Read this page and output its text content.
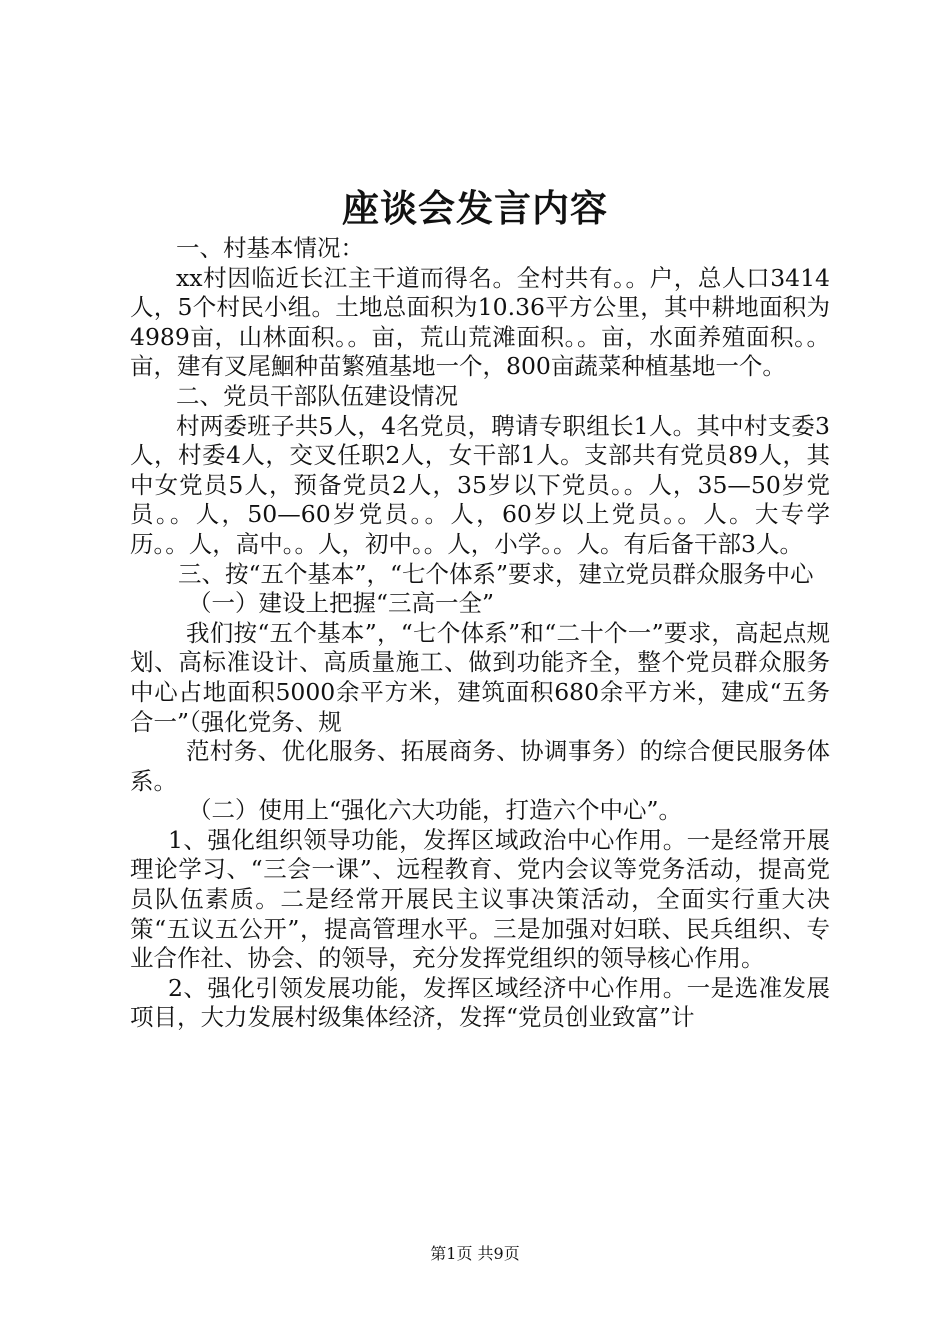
座谈会发言内容

一、村基本情况：

xx村因临近长江主干道而得名。全村共有。。户，总人口3414人，5个村民小组。土地总面积为10.36平方公里，其中耕地面积为4989亩，山林面积。。亩，荒山荒滩面积。。亩，水面养殖面积。。亩，建有叉尾鮰种苗繁殖基地一个，800亩蔬菜种植基地一个。

二、党员干部队伍建设情况

村两委班子共5人，4名党员，聘请专职组长1人。其中村支委3人，村委4人，交叉任职2人，女干部1人。支部共有党员89人，其中女党员5人，预备党员2人，35岁以下党员。。人，35—50岁党员。。人，50—60岁党员。。人，60岁以上党员。。人。大专学历。。人，高中。。人，初中。。人，小学。。人。有后备干部3人。

三、按“五个基本”，“七个体系”要求，建立党员群众服务中心

（一）建设上把握“三高一全”

我们按“五个基本”，“七个体系”和“二十个一”要求，高起点规划、高标准设计、高质量施工、做到功能齐全，整个党员群众服务中心占地面积5000余平方米，建筑面积680余平方米，建成“五务合一”（强化党务、规

范村务、优化服务、拓展商务、协调事务）的综合便民服务体系。

（二）使用上“强化六大功能，打造六个中心”。

1、强化组织领导功能，发挥区域政治中心作用。一是经常开展理论学习、“三会一课”、远程教育、党内会议等党务活动，提高党员队伍素质。二是经常开展民主议事决策活动，全面实行重大决策“五议五公开”，提高管理水平。三是加强对妇联、民兵组织、专业合作社、协会、的领导，充分发挥党组织的领导核心作用。

2、强化引领发展功能，发挥区域经济中心作用。一是选准发展项目，大力发展村级集体经济，发挥“党员创业致富”计

第1页 共9页
